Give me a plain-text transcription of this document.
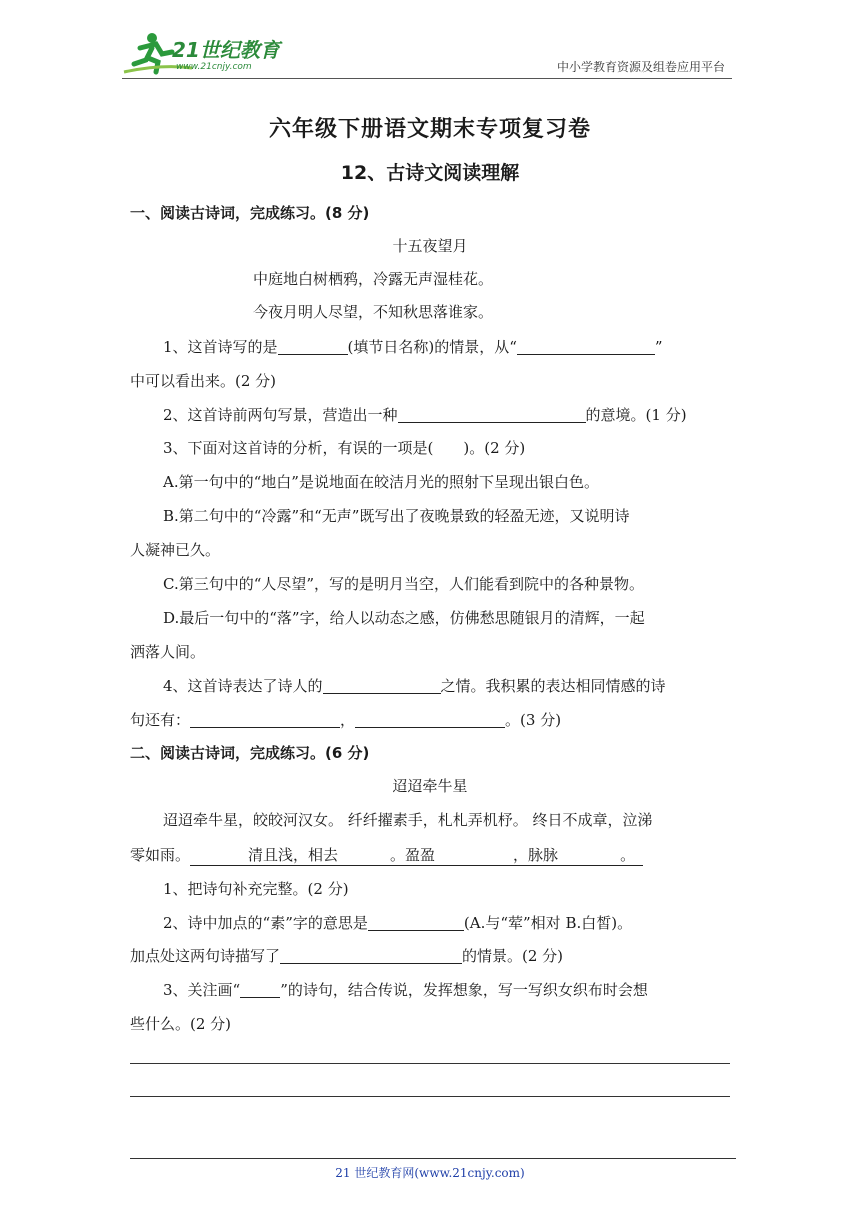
21世纪教育
www.21cnjy.com	中小学教育资源及组卷应用平台
六年级下册语文期末专项复习卷
12、古诗文阅读理解
一、阅读古诗词，完成练习。(8 分)
十五夜望月
中庭地白树栖鸦，冷露无声湿桂花。
今夜月明人尽望，不知秋思落谁家。
1、这首诗写的是	(填节日名称)的情景，从“	”
中可以看出来。(2 分)
2、这首诗前两句写景，营造出一种	的意境。(1 分)
3、下面对这首诗的分析，有误的一项是(　　)。(2 分)
A.第一句中的“地白”是说地面在皎洁月光的照射下呈现出银白色。
B.第二句中的“冷露”和“无声”既写出了夜晚景致的轻盈无迹，又说明诗
人凝神已久。
C.第三句中的“人尽望”，写的是明月当空，人们能看到院中的各种景物。
D.最后一句中的“落”字，给人以动态之感，仿佛愁思随银月的清辉，一起
洒落人间。
4、这首诗表达了诗人的	之情。我积累的表达相同情感的诗
句还有：	，	。(3 分)
二、阅读古诗词，完成练习。(6 分)
迢迢牵牛星
迢迢牵牛星，皎皎河汉女。 纤纤擢素手，札札弄机杼。 终日不成章，泣涕
零如雨。	清且浅，相去	。盈盈	，脉脉	。
1、把诗句补充完整。(2 分)
2、诗中加点的“素”字的意思是	(A.与“荤”相对 B.白皙)。
加点处这两句诗描写了	的情景。(2 分)
3、关注画“	”的诗句，结合传说，发挥想象，写一写织女织布时会想
些什么。(2 分)
21 世纪教育网(www.21cnjy.com)
